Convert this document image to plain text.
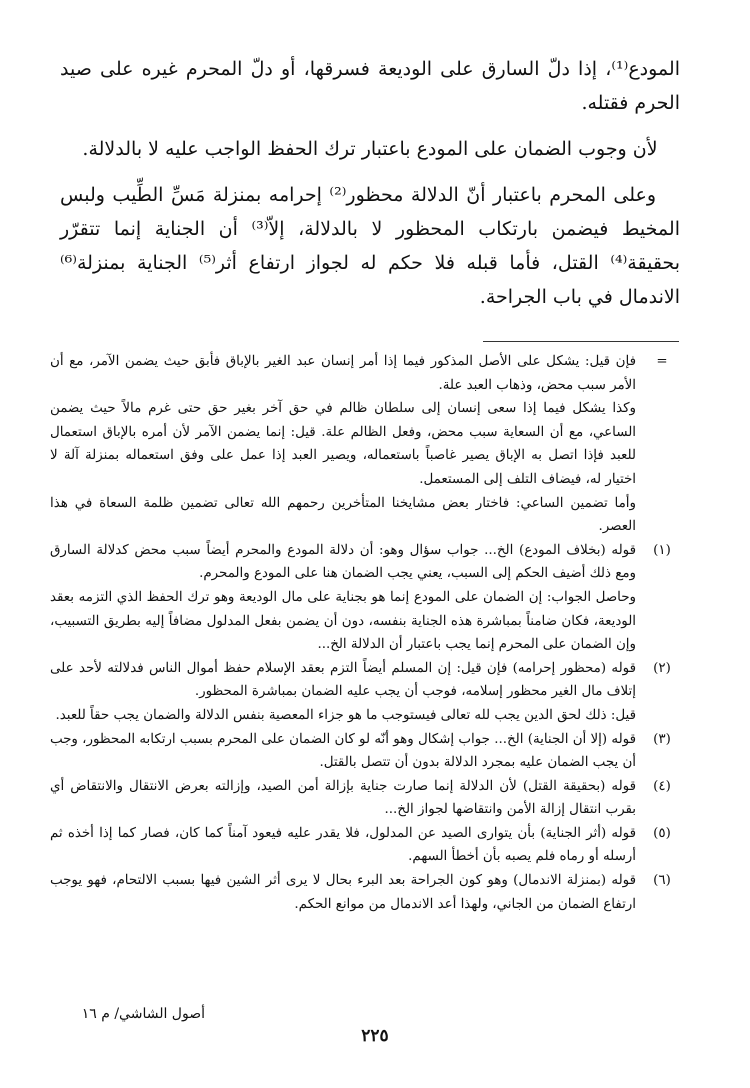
المودع⁽¹⁾، إذا دلّ السارق على الوديعة فسرقها، أو دلّ المحرم غيره على صيد الحرم فقتله.

لأن وجوب الضمان على المودع باعتبار ترك الحفظ الواجب عليه لا بالدلالة.

وعلى المحرم باعتبار أنّ الدلالة محظور⁽²⁾ إحرامه بمنزلة مَسِّ الطِّيب ولبس المخيط فيضمن بارتكاب المحظور لا بالدلالة، إلاّ⁽³⁾ أن الجناية إنما تتقرّر بحقيقة⁽⁴⁾ القتل، فأما قبله فلا حكم له لجواز ارتفاع أثر⁽⁵⁾ الجناية بمنزلة⁽⁶⁾ الاندمال في باب الجراحة.

=

فإن قيل: يشكل على الأصل المذكور فيما إذا أمر إنسان عبد الغير بالإباق فأبق حيث يضمن الآمر، مع أن الأمر سبب محض، وذهاب العبد علة.

وكذا يشكل فيما إذا سعى إنسان إلى سلطان ظالم في حق آخر بغير حق حتى غرم مالاً حيث يضمن الساعي، مع أن السعاية سبب محض، وفعل الظالم علة. قيل: إنما يضمن الآمر لأن أمره بالإباق استعمال للعبد فإذا اتصل به الإباق يصير غاصباً باستعماله، ويصير العبد إذا عمل على وفق استعماله بمنزلة آلة لا اختيار له، فيضاف التلف إلى المستعمل.

وأما تضمين الساعي: فاختار بعض مشايخنا المتأخرين رحمهم الله تعالى تضمين ظلمة السعاة في هذا العصر.

(١)

قوله (بخلاف المودع) الخ... جواب سؤال وهو: أن دلالة المودع والمحرم أيضاً سبب محض كدلالة السارق ومع ذلك أضيف الحكم إلى السبب، يعني يجب الضمان هنا على المودع والمحرم.

وحاصل الجواب: إن الضمان على المودع إنما هو بجناية على مال الوديعة وهو ترك الحفظ الذي التزمه بعقد الوديعة، فكان ضامناً بمباشرة هذه الجناية بنفسه، دون أن يضمن بفعل المدلول مضافاً إليه بطريق التسبيب، وإن الضمان على المحرم إنما يجب باعتبار أن الدلالة الخ...

(٢)

قوله (محظور إحرامه) فإن قيل: إن المسلم أيضاً التزم بعقد الإسلام حفظ أموال الناس فدلالته لأحد على إتلاف مال الغير محظور إسلامه، فوجب أن يجب عليه الضمان بمباشرة المحظور.

قيل: ذلك لحق الدين يجب لله تعالى فيستوجب ما هو جزاء المعصية بنفس الدلالة والضمان يجب حقاً للعبد.

(٣)

قوله (إلا أن الجناية) الخ... جواب إشكال وهو أنّه لو كان الضمان على المحرم بسبب ارتكابه المحظور، وجب أن يجب الضمان عليه بمجرد الدلالة بدون أن تتصل بالقتل.

(٤)

قوله (بحقيقة القتل) لأن الدلالة إنما صارت جناية بإزالة أمن الصيد، وإزالته بعرض الانتقال والانتقاض أي بقرب انتقال إزالة الأمن وانتقاضها لجواز الخ...

(٥)

قوله (أثر الجناية) بأن يتوارى الصيد عن المدلول، فلا يقدر عليه فيعود آمناً كما كان، فصار كما إذا أخذه ثم أرسله أو رماه فلم يصبه بأن أخطأ السهم.

(٦)

قوله (بمنزلة الاندمال) وهو كون الجراحة بعد البرء بحال لا يرى أثر الشين فيها بسبب الالتحام، فهو يوجب ارتفاع الضمان من الجاني، ولهذا أعد الاندمال من موانع الحكم.

أصول الشاشي/ م ١٦
٢٢٥
